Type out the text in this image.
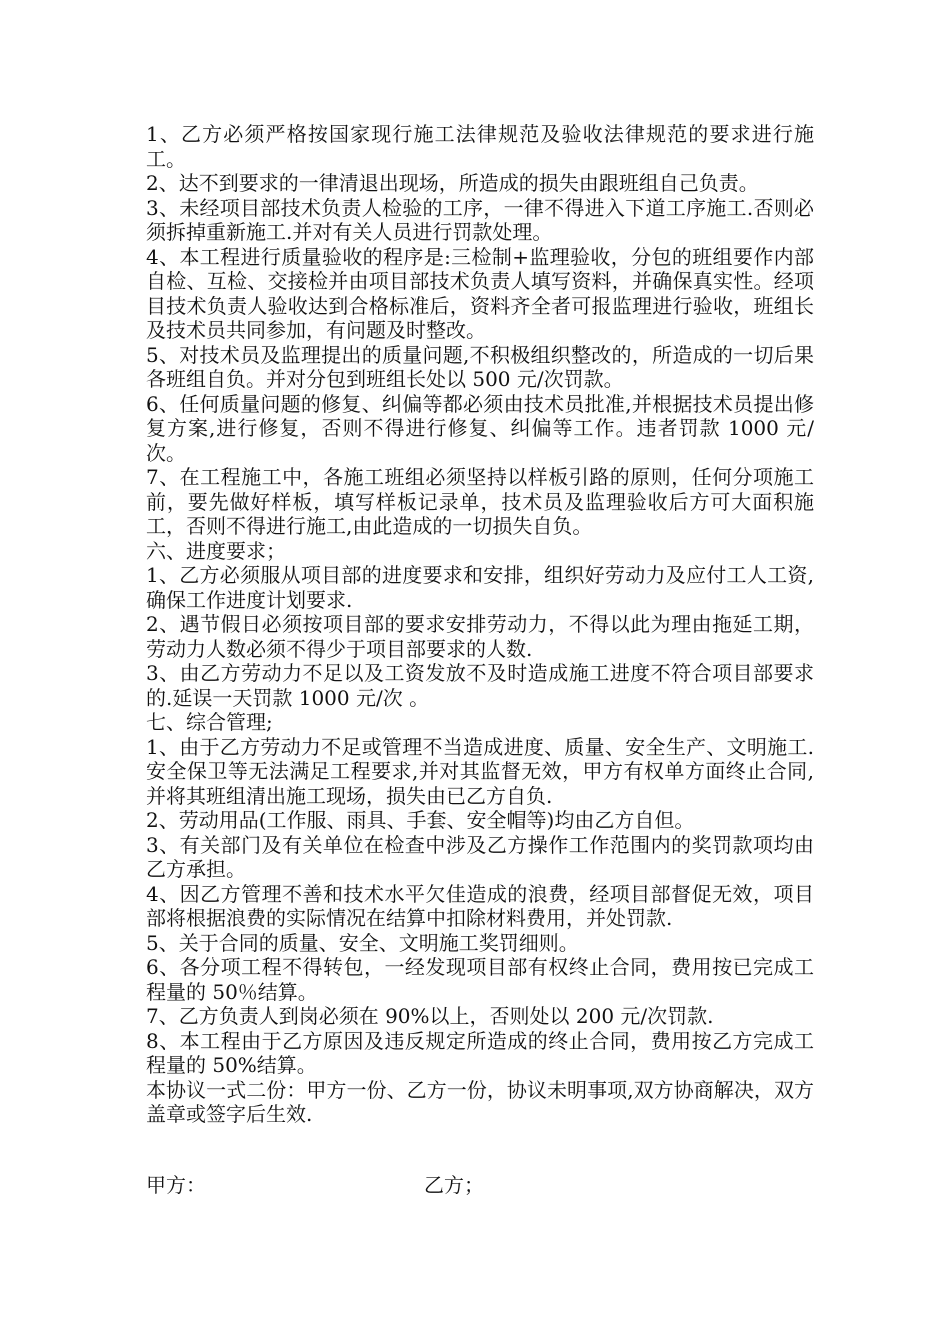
1、乙方必须严格按国家现行施工法律规范及验收法律规范的要求进行施工。

2、达不到要求的一律清退出现场，所造成的损失由跟班组自己负责。

3、未经项目部技术负责人检验的工序，一律不得进入下道工序施工.否则必须拆掉重新施工.并对有关人员进行罚款处理。

4、本工程进行质量验收的程序是:三检制+监理验收，分包的班组要作内部自检、互检、交接检并由项目部技术负责人填写资料，并确保真实性。经项目技术负责人验收达到合格标准后，资料齐全者可报监理进行验收，班组长及技术员共同参加，有问题及时整改。

5、对技术员及监理提出的质量问题,不积极组织整改的，所造成的一切后果各班组自负。并对分包到班组长处以 500 元/次罚款。

6、任何质量问题的修复、纠偏等都必须由技术员批准,并根据技术员提出修复方案,进行修复，否则不得进行修复、纠偏等工作。违者罚款 1000 元/次。

7、在工程施工中，各施工班组必须坚持以样板引路的原则，任何分项施工前，要先做好样板，填写样板记录单，技术员及监理验收后方可大面积施工，否则不得进行施工,由此造成的一切损失自负。

六、进度要求；

1、乙方必须服从项目部的进度要求和安排，组织好劳动力及应付工人工资,确保工作进度计划要求.

2、遇节假日必须按项目部的要求安排劳动力，不得以此为理由拖延工期，劳动力人数必须不得少于项目部要求的人数.

3、由乙方劳动力不足以及工资发放不及时造成施工进度不符合项目部要求的.延误一天罚款 1000 元/次 。

七、综合管理;

1、由于乙方劳动力不足或管理不当造成进度、质量、安全生产、文明施工.安全保卫等无法满足工程要求,并对其监督无效，甲方有权单方面终止合同,并将其班组清出施工现场，损失由已乙方自负.

2、劳动用品(工作服、雨具、手套、安全帽等)均由乙方自但。

3、有关部门及有关单位在检查中涉及乙方操作工作范围内的奖罚款项均由乙方承担。

4、因乙方管理不善和技术水平欠佳造成的浪费，经项目部督促无效，项目部将根据浪费的实际情况在结算中扣除材料费用，并处罚款.

5、关于合同的质量、安全、文明施工奖罚细则。

6、各分项工程不得转包，一经发现项目部有权终止合同，费用按已完成工程量的 50％结算。

7、乙方负责人到岗必须在 90%以上，否则处以 200 元/次罚款.

8、本工程由于乙方原因及违反规定所造成的终止合同，费用按乙方完成工程量的 50%结算。

本协议一式二份：甲方一份、乙方一份，协议未明事项,双方协商解决，双方盖章或签字后生效.

甲方：	乙方；
